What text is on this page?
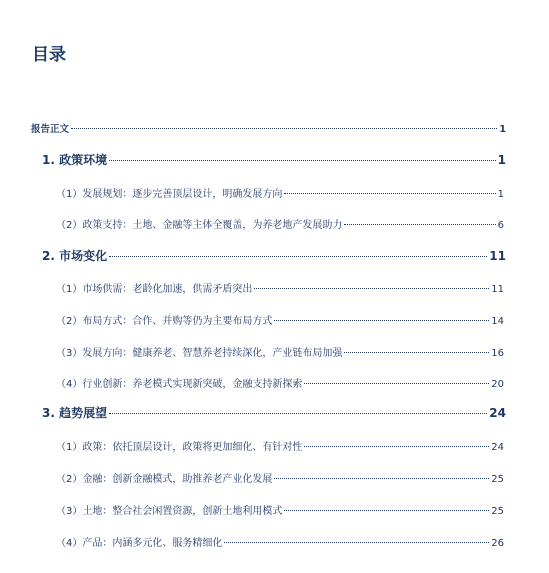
目录
报告正文	1
1. 政策环境	1
（1）发展规划：逐步完善顶层设计，明确发展方向	1
（2）政策支持：土地、金融等主体全覆盖，为养老地产发展助力	6
2. 市场变化	11
（1）市场供需：老龄化加速，供需矛盾突出	11
（2）布局方式：合作、并购等仍为主要布局方式	14
（3）发展方向：健康养老、智慧养老持续深化，产业链布局加强	16
（4）行业创新：养老模式实现新突破，金融支持新探索	20
3. 趋势展望	24
（1）政策：依托顶层设计，政策将更加细化、有针对性	24
（2）金融：创新金融模式，助推养老产业化发展	25
（3）土地：整合社会闲置资源，创新土地利用模式	25
（4）产品：内涵多元化、服务精细化	26
